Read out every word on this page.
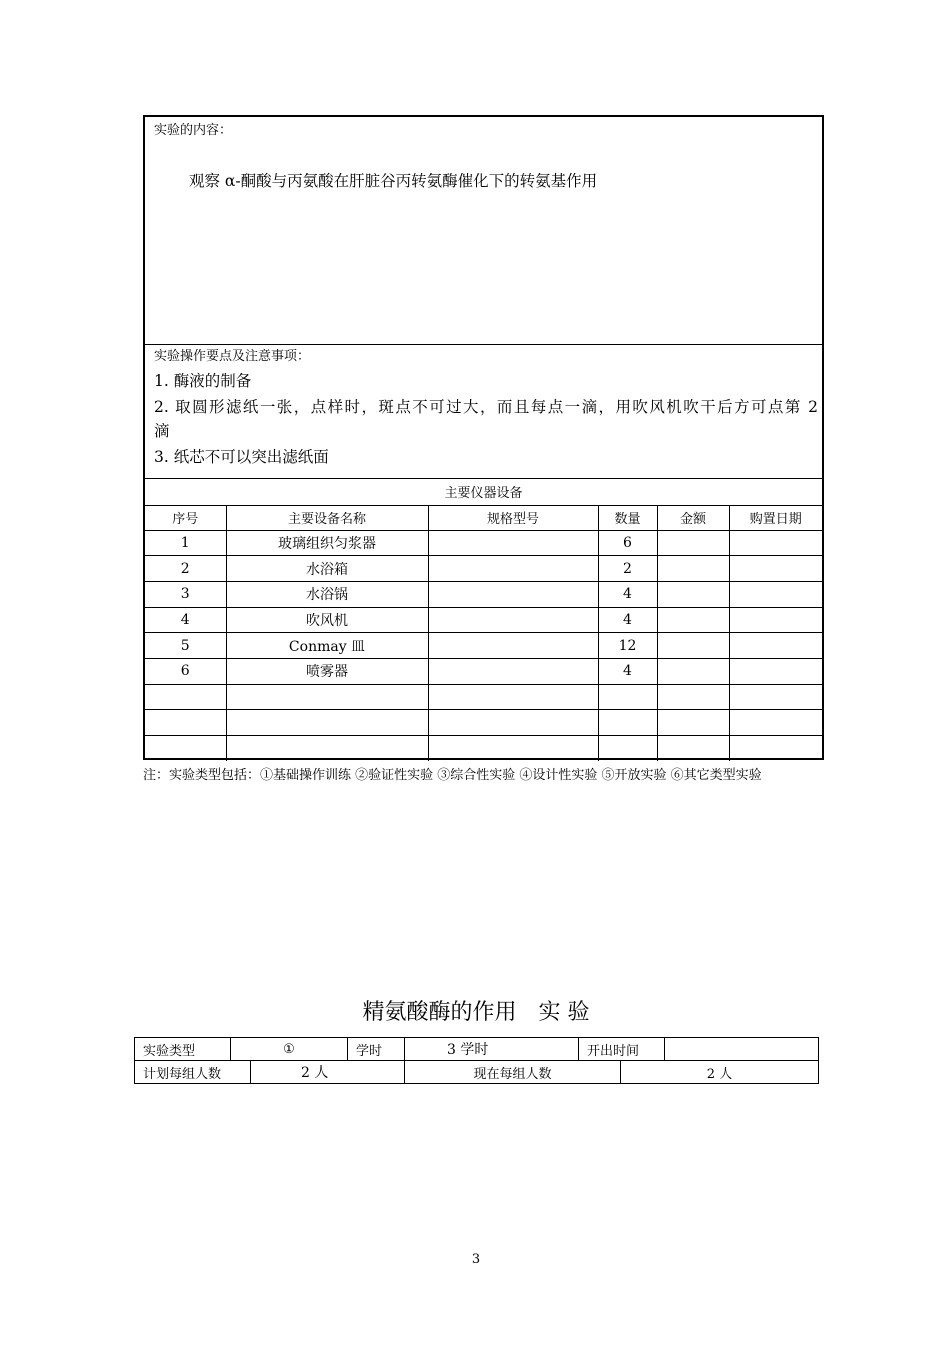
实验的内容：
观察 α-酮酸与丙氨酸在肝脏谷丙转氨酶催化下的转氨基作用
实验操作要点及注意事项：
1. 酶液的制备
2. 取圆形滤纸一张，点样时，斑点不可过大，而且每点一滴，用吹风机吹干后方可点第 2
滴
3. 纸芯不可以突出滤纸面
主要仪器设备					
序号	主要设备名称	规格型号	数量	金额	购置日期
1	玻璃组织匀浆器		6		
2	水浴箱		2		
3	水浴锅		4		
4	吹风机		4		
5	Conmay 皿		12		
6	喷雾器		4		

注：实验类型包括：①基础操作训练 ②验证性实验 ③综合性实验 ④设计性实验 ⑤开放实验 ⑥其它类型实验
精氨酸酶的作用　实 验
实验类型	①	学时	3 学时	开出时间	
计划每组人数	2 人	现在每组人数	2 人
3
